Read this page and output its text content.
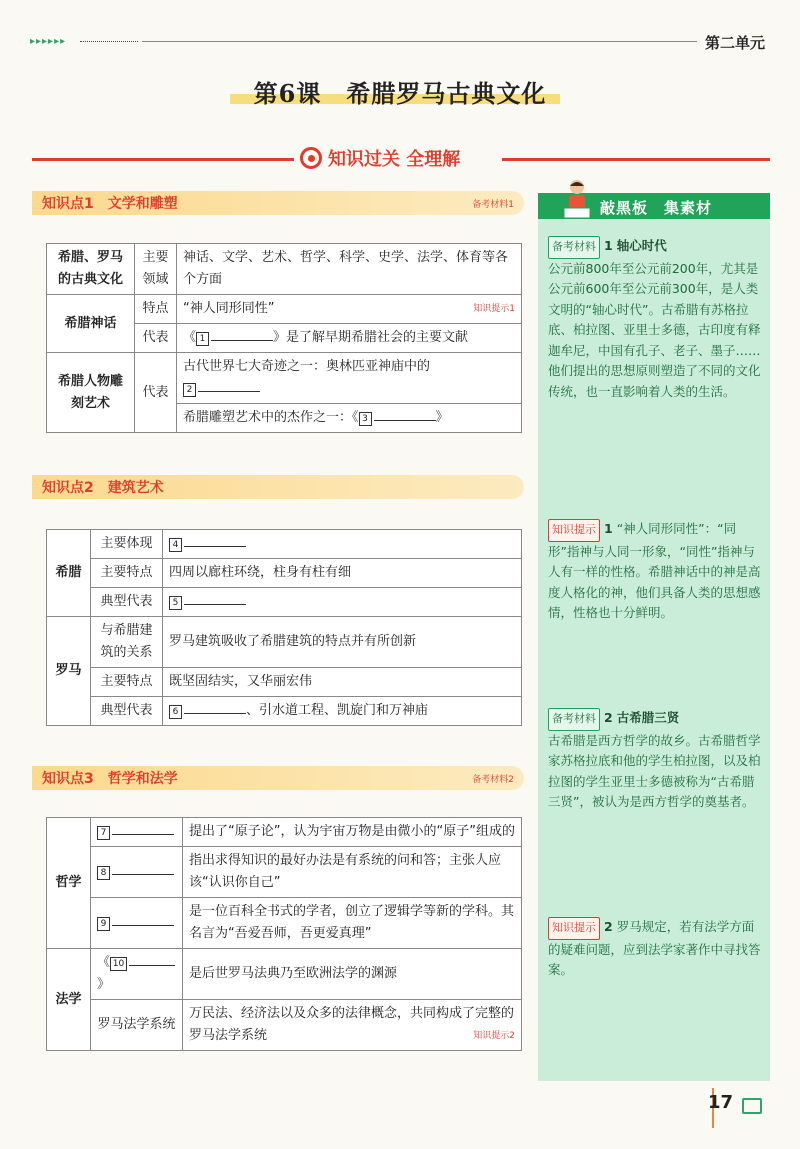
▸▸▸▸▸▸	第二单元
第6课　希腊罗马古典文化
知识过关 全理解
知识点1　文学和雕塑	备考材料1
希腊、罗马的古典文化	主要领域	神话、文学、艺术、哲学、科学、史学、法学、体育等各个方面
希腊神话	特点	“神人同形同性” 知识提示1

	代表	《 1 》是了解早期希腊社会的主要文献
希腊人物雕刻艺术	代表	古代世界七大奇迹之一：奥林匹亚神庙中的
2
		希腊雕塑艺术中的杰作之一：《 3 》
知识点2　建筑艺术
希腊	主要体现	4
	主要特点	四周以廊柱环绕，柱身有柱有细
	典型代表	5
罗马	与希腊建筑的关系	罗马建筑吸收了希腊建筑的特点并有所创新
	主要特点	既坚固结实，又华丽宏伟
	典型代表	6 、引水道工程、凯旋门和万神庙
知识点3　哲学和法学	备考材料2
哲学	7	提出了“原子论”，认为宇宙万物是由微小的“原子”组成的
	8	指出求得知识的最好办法是有系统的问和答；主张人应该“认识你自己”
	9	是一位百科全书式的学者，创立了逻辑学等新的学科。其名言为“吾爱吾师，吾更爱真理”
法学	《 10》	是后世罗马法典乃至欧洲法学的渊源
	罗马法学系统	万民法、经济法以及众多的法律概念，共同构成了完整的罗马法学系统 知识提示2
敲黑板　集素材
备考材料 1 轴心时代
公元前800年至公元前200年，尤其是公元前600年至公元前300年，是人类文明的“轴心时代”。古希腊有苏格拉底、柏拉图、亚里士多德，古印度有释迦牟尼，中国有孔子、老子、墨子……他们提出的思想原则塑造了不同的文化传统，也一直影响着人类的生活。
知识提示 1 “神人同形同性”：“同形”指神与人同一形象，“同性”指神与人有一样的性格。希腊神话中的神是高度人格化的神，他们具备人类的思想感情，性格也十分鲜明。
备考材料 2 古希腊三贤
古希腊是西方哲学的故乡。古希腊哲学家苏格拉底和他的学生柏拉图，以及柏拉图的学生亚里士多德被称为“古希腊三贤”，被认为是西方哲学的奠基者。
知识提示 2 罗马规定，若有法学方面的疑难问题，应到法学家著作中寻找答案。
17
